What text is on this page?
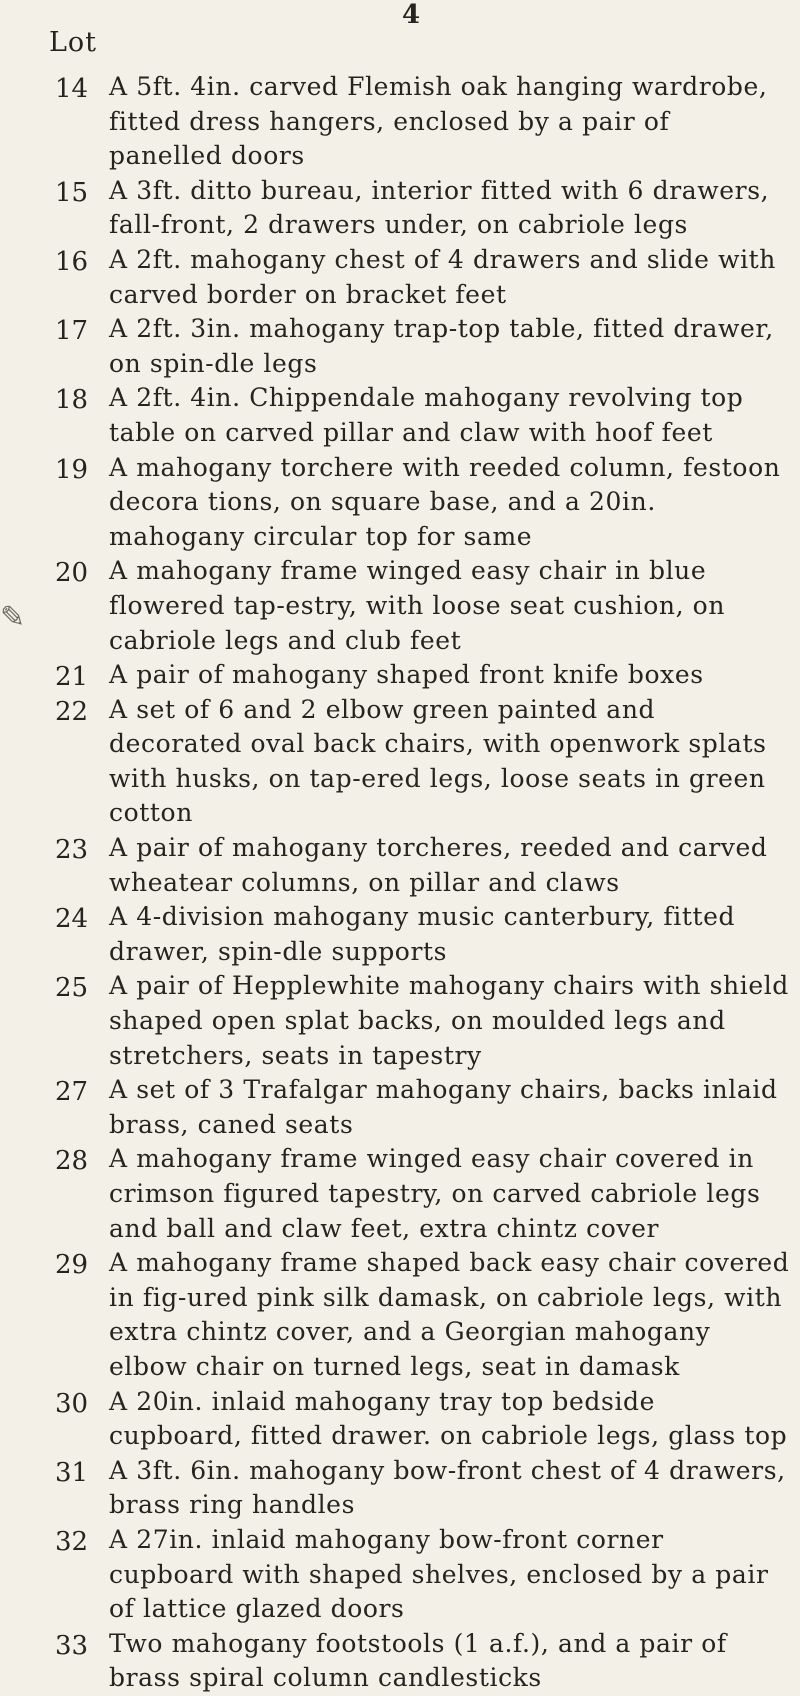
4
Lot
✎
14 A 5ft. 4in. carved Flemish oak hanging wardrobe, fitted dress hangers, enclosed by a pair of panelled doors
15 A 3ft. ditto bureau, interior fitted with 6 drawers, fall-front, 2 drawers under, on cabriole legs
16 A 2ft. mahogany chest of 4 drawers and slide with carved border on bracket feet
17 A 2ft. 3in. mahogany trap-top table, fitted drawer, on spin-dle legs
18 A 2ft. 4in. Chippendale mahogany revolving top table on carved pillar and claw with hoof feet
19 A mahogany torchere with reeded column, festoon decora tions, on square base, and a 20in. mahogany circular top for same
20 A mahogany frame winged easy chair in blue flowered tap-estry, with loose seat cushion, on cabriole legs and club feet
21 A pair of mahogany shaped front knife boxes
22 A set of 6 and 2 elbow green painted and decorated oval back chairs, with openwork splats with husks, on tap-ered legs, loose seats in green cotton
23 A pair of mahogany torcheres, reeded and carved wheatear columns, on pillar and claws
24 A 4-division mahogany music canterbury, fitted drawer, spin-dle supports
25 A pair of Hepplewhite mahogany chairs with shield shaped open splat backs, on moulded legs and stretchers, seats in tapestry
27 A set of 3 Trafalgar mahogany chairs, backs inlaid brass, caned seats
28 A mahogany frame winged easy chair covered in crimson figured tapestry, on carved cabriole legs and ball and claw feet, extra chintz cover
29 A mahogany frame shaped back easy chair covered in fig-ured pink silk damask, on cabriole legs, with extra chintz cover, and a Georgian mahogany elbow chair on turned legs, seat in damask
30 A 20in. inlaid mahogany tray top bedside cupboard, fitted drawer. on cabriole legs, glass top
31 A 3ft. 6in. mahogany bow-front chest of 4 drawers, brass ring handles
32 A 27in. inlaid mahogany bow-front corner cupboard with shaped shelves, enclosed by a pair of lattice glazed doors
33 Two mahogany footstools (1 a.f.), and a pair of brass spiral column candlesticks
